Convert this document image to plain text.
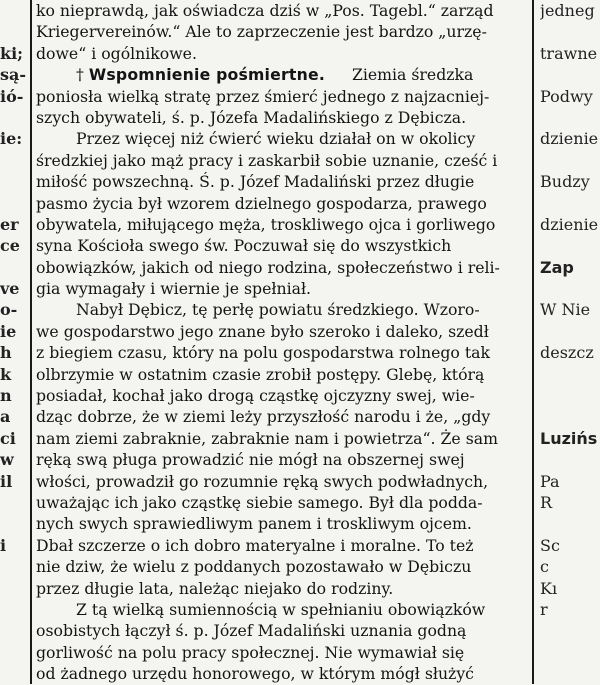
ki;
są-
ió-
ie:
er
ce
ve
o-
ie
h
k
n
a
ci
w
il
i
ko nieprawdą, jak oświadcza dziś w „Pos. Tagebl.“ zarząd
Kriegervereinów.“ Ale to zaprzeczenie jest bardzo „urzę-
dowe“ i ogólnikowe.
†
Wspomnienie pośmiertne.
Ziemia średzka
poniosła wielką stratę przez śmierć jednego z najzacniej-
szych obywateli, ś. p. Józefa Madalińskiego z Dębicza.
Przez więcej niż ćwierć wieku działał on w okolicy
średzkiej jako mąż pracy i zaskarbił sobie uznanie, cześć i
miłość powszechną. Ś. p. Józef Madaliński przez długie
pasmo życia był wzorem dzielnego gospodarza, prawego
obywatela, miłującego męża, troskliwego ojca i gorliwego
syna Kościoła swego św. Poczuwał się do wszystkich
obowiązków, jakich od niego rodzina, społeczeństwo i reli-
gia wymagały i wiernie je spełniał.
Nabył Dębicz, tę perłę powiatu średzkiego. Wzoro-
we gospodarstwo jego znane było szeroko i daleko, szedł
z biegiem czasu, który na polu gospodarstwa rolnego tak
olbrzymie w ostatnim czasie zrobił postępy. Glebę, którą
posiadał, kochał jako drogą cząstkę ojczyzny swej, wie-
dząc dobrze, że w ziemi leży przyszłość narodu i że, „gdy
nam ziemi zabraknie, zabraknie nam i powietrza“. Że sam
ręką swą pługa prowadzić nie mógł na obszernej swej
włości, prowadził go rozumnie ręką swych podwładnych,
uważając ich jako cząstkę siebie samego. Był dla podda-
nych swych sprawiedliwym panem i troskliwym ojcem.
Dbał szczerze o ich dobro materyalne i moralne. To też
nie dziw, że wielu z poddanych pozostawało w Dębiczu
przez długie lata, należąc niejako do rodziny.
Z tą wielką sumiennością w spełnianiu obowiązków
osobistych łączył ś. p. Józef Madaliński uznania godną
gorliwość na polu pracy społecznej. Nie wymawiał się
od żadnego urzędu honorowego, w którym mógł służyć
jedneg
trawne
Podwy
dzienie
Budzy
dzienie
Zap
W Nie
deszcz
Luzińs
Pa
R
Sc
c
Kı
r
